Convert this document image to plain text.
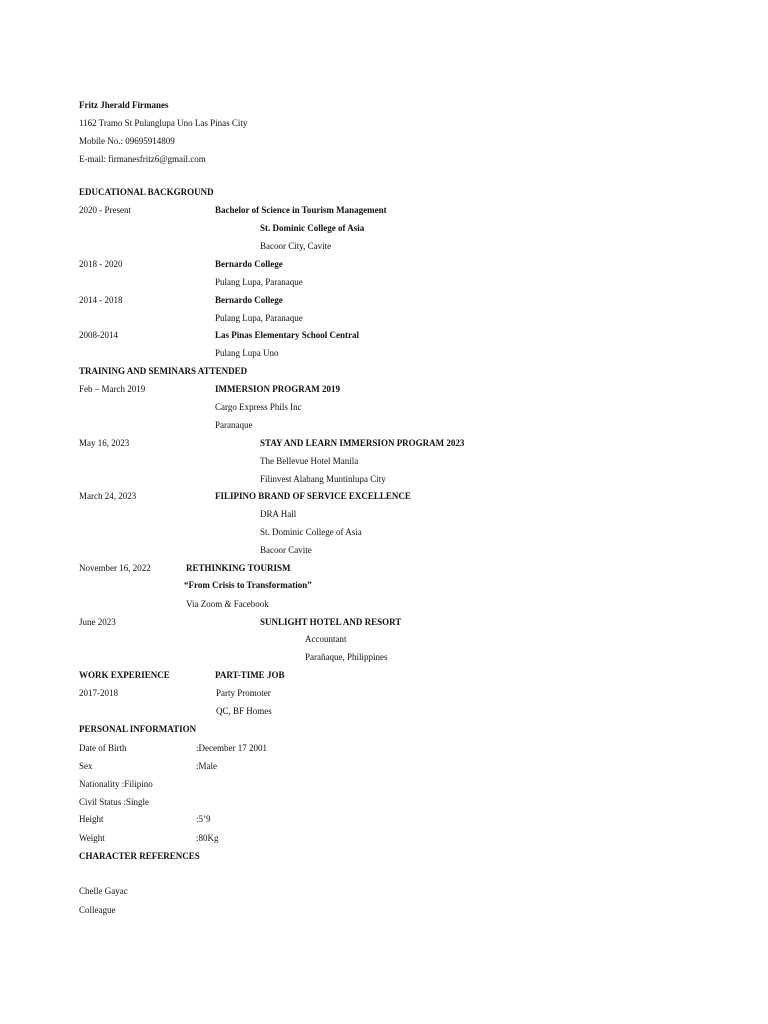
Fritz Jherald Firmanes
1162 Tramo St Pulanglupa Uno Las Pinas City
Mobile No.: 09695914809
E-mail: firmanesfritz6@gmail.com
EDUCATIONAL BACKGROUND
2020 - Present	Bachelor of Science in Tourism Management
St. Dominic College of Asia
Bacoor City, Cavite
2018 - 2020	Bernardo College
Pulang Lupa, Paranaque
2014 - 2018	Bernardo College
Pulang Lupa, Paranaque
2008-2014	Las Pinas Elementary School Central
Pulang Lupa Uno
TRAINING AND SEMINARS ATTENDED
Feb – March 2019	IMMERSION PROGRAM 2019
Cargo Express Phils Inc
Paranaque
May 16, 2023	STAY AND LEARN IMMERSION PROGRAM 2023
The Bellevue Hotel Manila
Filinvest Alabang Muntinlupa City
March 24, 2023	FILIPINO BRAND OF SERVICE EXCELLENCE
DRA Hall
St. Dominic College of Asia
Bacoor Cavite
November 16, 2022	RETHINKING TOURISM
“From Crisis to Transformation”
Via Zoom & Facebook
June 2023	SUNLIGHT HOTEL AND RESORT
Accountant
Parañaque, Philippines
WORK EXPERIENCE	PART-TIME JOB
2017-2018	Party Promoter
QC, BF Homes
PERSONAL INFORMATION
Date of Birth	:December 17 2001
Sex	:Male
Nationality :Filipino
Civil Status :Single
Height	:5’9
Weight	:80Kg
CHARACTER REFERENCES
Chelle Gayac
Colleague
